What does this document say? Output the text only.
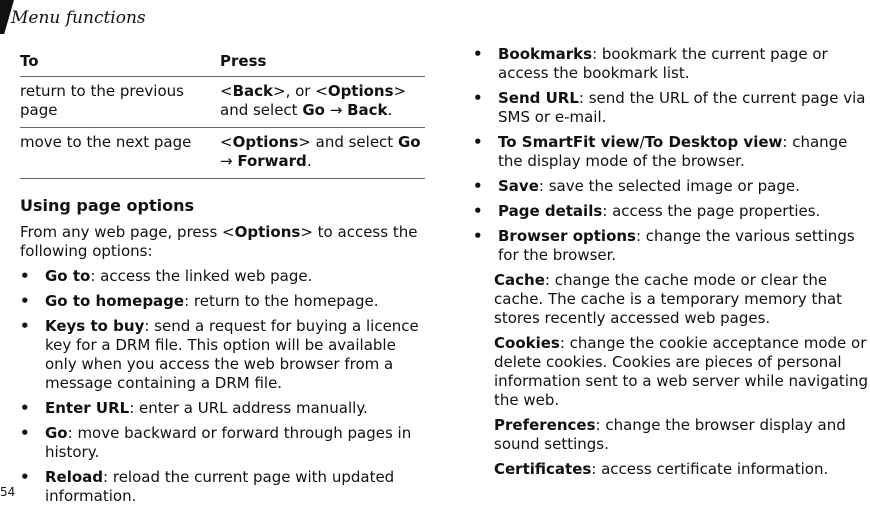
Menu functions
To	Press
return to the previous page	<Back>, or <Options> and select Go → Back.
move to the next page	<Options> and select Go → Forward.
Using page options

From any web page, press <Options> to access the following options:

• Go to: access the linked web page.
• Go to homepage: return to the homepage.
• Keys to buy: send a request for buying a licence key for a DRM file. This option will be available only when you access the web browser from a message containing a DRM file.
• Enter URL: enter a URL address manually.
• Go: move backward or forward through pages in history.
• Reload: reload the current page with updated information.
• Bookmarks: bookmark the current page or access the bookmark list.
• Send URL: send the URL of the current page via SMS or e-mail.
• To SmartFit view/To Desktop view: change the display mode of the browser.
• Save: save the selected image or page.
• Page details: access the page properties.
• Browser options: change the various settings for the browser.

Cache: change the cache mode or clear the cache. The cache is a temporary memory that stores recently accessed web pages.

Cookies: change the cookie acceptance mode or delete cookies. Cookies are pieces of personal information sent to a web server while navigating the web.

Preferences: change the browser display and sound settings.

Certificates: access certificate information.

54
